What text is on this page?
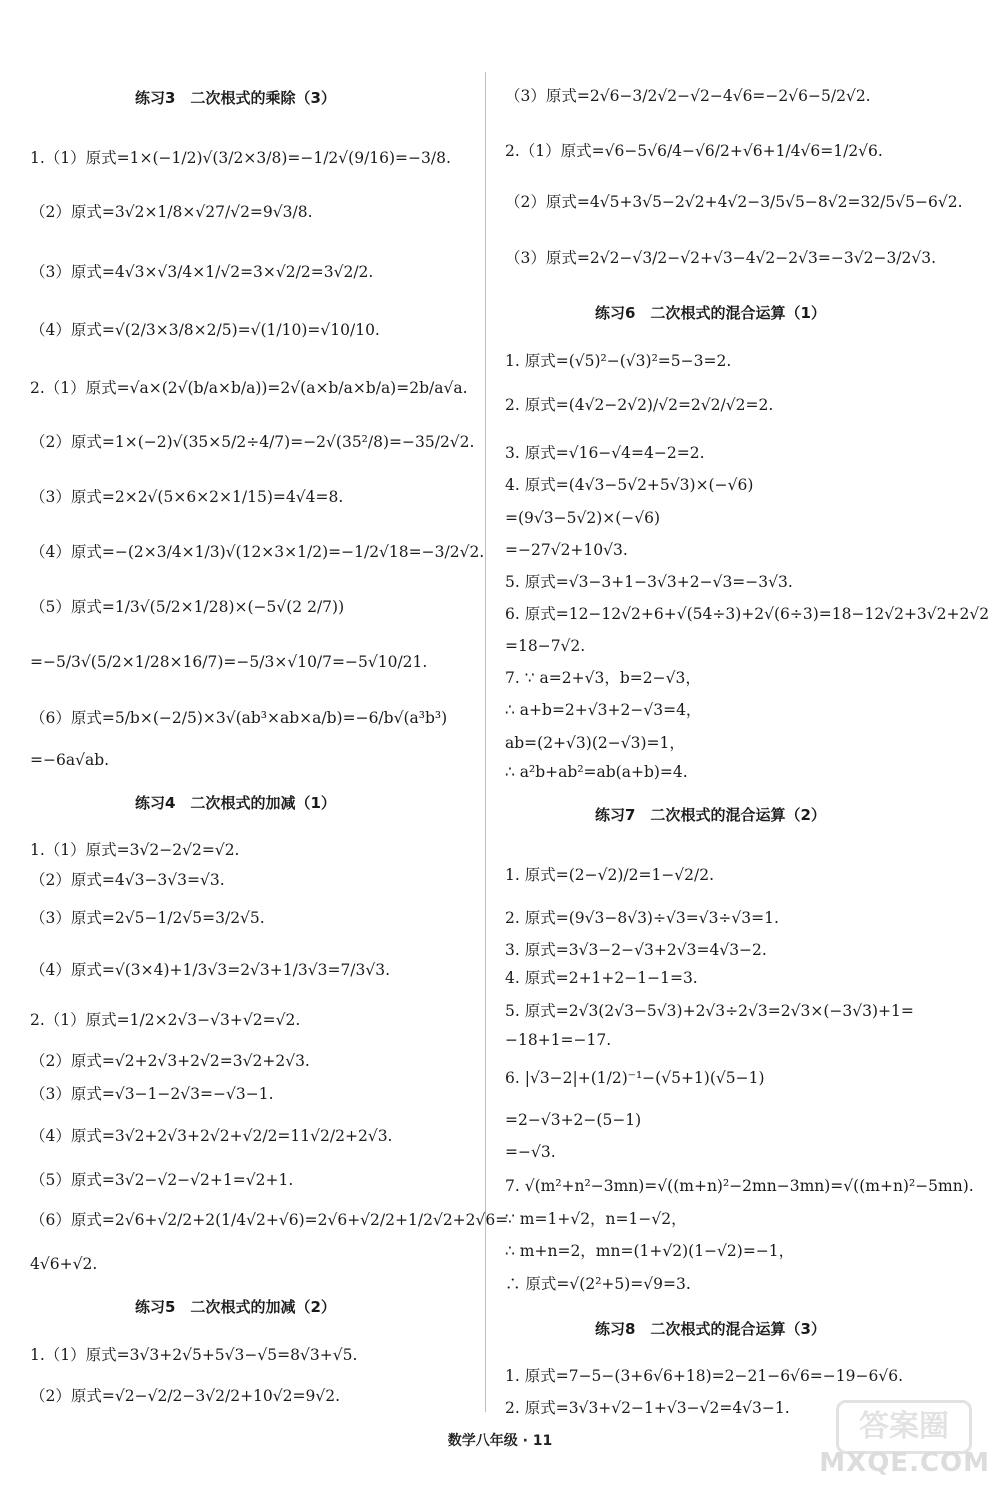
练习3　二次根式的乘除（3）
1.（1）原式=1×(−1/2)√(3/2×3/8)=−1/2√(9/16)=−3/8.
（2）原式=3√2×1/8×√27/√2=9√3/8.
（3）原式=4√3×√3/4×1/√2=3×√2/2=3√2/2.
（4）原式=√(2/3×3/8×2/5)=√(1/10)=√10/10.
2.（1）原式=√a×(2√(b/a×b/a))=2√(a×b/a×b/a)=2b/a√a.
（2）原式=1×(−2)√(35×5/2÷4/7)=−2√(35²/8)=−35/2√2.
（3）原式=2×2√(5×6×2×1/15)=4√4=8.
（4）原式=−(2×3/4×1/3)√(12×3×1/2)=−1/2√18=−3/2√2.
（5）原式=1/3√(5/2×1/28)×(−5√(2 2/7))
=−5/3√(5/2×1/28×16/7)=−5/3×√10/7=−5√10/21.
（6）原式=5/b×(−2/5)×3√(ab³×ab×a/b)=−6/b√(a³b³)
=−6a√ab.
练习4　二次根式的加减（1）
1.（1）原式=3√2−2√2=√2.
（2）原式=4√3−3√3=√3.
（3）原式=2√5−1/2√5=3/2√5.
（4）原式=√(3×4)+1/3√3=2√3+1/3√3=7/3√3.
2.（1）原式=1/2×2√3−√3+√2=√2.
（2）原式=√2+2√3+2√2=3√2+2√3.
（3）原式=√3−1−2√3=−√3−1.
（4）原式=3√2+2√3+2√2+√2/2=11√2/2+2√3.
（5）原式=3√2−√2−√2+1=√2+1.
（6）原式=2√6+√2/2+2(1/4√2+√6)=2√6+√2/2+1/2√2+2√6=
4√6+√2.
练习5　二次根式的加减（2）
1.（1）原式=3√3+2√5+5√3−√5=8√3+√5.
（2）原式=√2−√2/2−3√2/2+10√2=9√2.
（3）原式=2√6−3/2√2−√2−4√6=−2√6−5/2√2.
2.（1）原式=√6−5√6/4−√6/2+√6+1/4√6=1/2√6.
（2）原式=4√5+3√5−2√2+4√2−3/5√5−8√2=32/5√5−6√2.
（3）原式=2√2−√3/2−√2+√3−4√2−2√3=−3√2−3/2√3.
练习6　二次根式的混合运算（1）
1. 原式=(√5)²−(√3)²=5−3=2.
2. 原式=(4√2−2√2)/√2=2√2/√2=2.
3. 原式=√16−√4=4−2=2.
4. 原式=(4√3−5√2+5√3)×(−√6)
=(9√3−5√2)×(−√6)
=−27√2+10√3.
5. 原式=√3−3+1−3√3+2−√3=−3√3.
6. 原式=12−12√2+6+√(54÷3)+2√(6÷3)=18−12√2+3√2+2√2
=18−7√2.
7. ∵ a=2+√3，b=2−√3，
∴ a+b=2+√3+2−√3=4，
ab=(2+√3)(2−√3)=1，
∴ a²b+ab²=ab(a+b)=4.
练习7　二次根式的混合运算（2）
1. 原式=(2−√2)/2=1−√2/2.
2. 原式=(9√3−8√3)÷√3=√3÷√3=1.
3. 原式=3√3−2−√3+2√3=4√3−2.
4. 原式=2+1+2−1−1=3.
5. 原式=2√3(2√3−5√3)+2√3÷2√3=2√3×(−3√3)+1=
−18+1=−17.
6. |√3−2|+(1/2)⁻¹−(√5+1)(√5−1)
=2−√3+2−(5−1)
=−√3.
7. √(m²+n²−3mn)=√((m+n)²−2mn−3mn)=√((m+n)²−5mn).
∵ m=1+√2，n=1−√2，
∴ m+n=2，mn=(1+√2)(1−√2)=−1，
∴ 原式=√(2²+5)=√9=3.
练习8　二次根式的混合运算（3）
1. 原式=7−5−(3+6√6+18)=2−21−6√6=−19−6√6.
2. 原式=3√3+√2−1+√3−√2=4√3−1.
答案圈
MXQE.COM
数学八年级 · 11
